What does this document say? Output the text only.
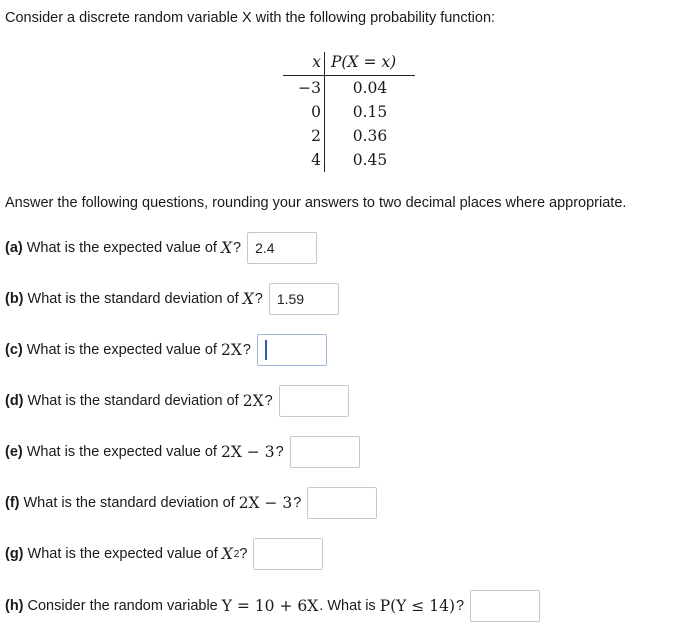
Consider a discrete random variable X with the following probability function:
x P(X = x)
−3	0.04
0	0.15
2	0.36
4	0.45
Answer the following questions, rounding your answers to two decimal places where appropriate.
(a) What is the expected value of X ?	2.4
(b) What is the standard deviation of X ?	1.59
(c) What is the expected value of 2X ?
(d) What is the standard deviation of 2X ?
(e) What is the expected value of 2X − 3 ?
(f) What is the standard deviation of 2X − 3 ?
(g) What is the expected value of X 2 ?
(h) Consider the random variable Y = 10 + 6X . What is P(Y ≤ 14) ?
